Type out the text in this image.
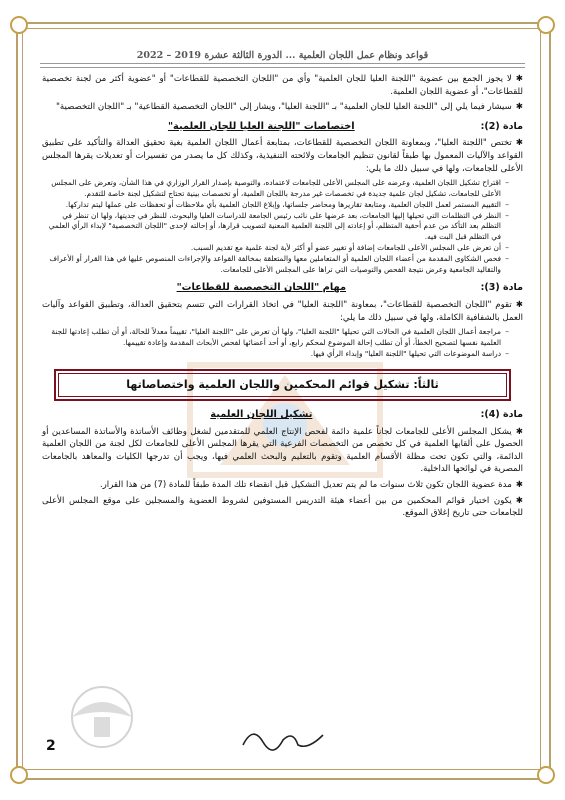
قواعد ونظام عمل اللجان العلمية ... الدورة الثالثة عشرة 2019 – 2022

✱لا يجوز الجمع بين عضوية "اللجنة العليا للجان العلمية" وأي من "اللجان التخصصية للقطاعات" أو "عضوية أكثر من لجنة تخصصية للقطاعات"، أو عضوية اللجان العلمية.

✱سيشار فيما يلي إلى "اللجنة العليا للجان العلمية" بـ "اللجنة العليا"، ويشار إلى "اللجان التخصصية القطاعية" بـ "اللجان التخصصية"

مادة (2):
اختصاصات "اللجنة العليا للجان العلمية"

✱تختص "اللجنة العليا"، وبمعاونة اللجان التخصصية للقطاعات، بمتابعة أعمال اللجان العلمية بغية تحقيق العدالة والتأكيد على تطبيق القواعد والآليات المعمول بها طبقاً لقانون تنظيم الجامعات ولائحته التنفيذية، وكذلك كل ما يصدر من تفسيرات أو تعديلات يقرها المجلس الأعلى للجامعات، ولها في سبيل ذلك ما يلي:

– اقتراح تشكيل اللجان العلمية، وعرضه على المجلس الأعلى للجامعات لاعتماده، والتوصية بإصدار القرار الوزاري في هذا الشأن، وتعرض على المجلس الأعلى للجامعات، تشكيل لجان علمية جديدة في تخصصات غير مدرجة باللجان العلمية، أو تخصصات بينية تحتاج لتشكيل لجنة خاصة للتقدم.
– التقييم المستمر لعمل اللجان العلمية، ومتابعة تقاريرها ومحاضر جلساتها، وإبلاغ اللجان العلمية بأي ملاحظات أو تحفظات على عملها ليتم تداركها.
– النظر في التظلمات التي تحيلها إليها الجامعات، بعد عرضها على نائب رئيس الجامعة للدراسات العليا والبحوث، للنظر في جديتها، ولها ان تنظر في التظلم بعد التأكد من عدم أحقية المتظلم، أو إعادته إلى اللجنة العلمية المعنية لتصويب قرارها، أو إحالته لإحدى "اللجان التخصصية" لإبداء الرأي العلمي في التظلم قبل البت فيه.
– أن تعرض على المجلس الأعلى للجامعات إضافة أو تغيير عضو أو أكثر لأية لجنة علمية مع تقديم السبب.
– فحص الشكاوى المقدمة من أعضاء اللجان العلمية أو المتعاملين معها والمتعلقة بمخالفة القواعد والإجراءات المنصوص عليها في هذا القرار أو الأعراف والتقاليد الجامعية وعرض نتيجة الفحص والتوصيات التي تراها على المجلس الأعلى للجامعات.
مادة (3):
مهام "اللجان التخصصية للقطاعات"

✱تقوم "اللجان التخصصية للقطاعات"، بمعاونة "اللجنة العليا" في اتخاذ القرارات التي تتسم بتحقيق العدالة، وتطبيق القواعد وآليات العمل بالشفافية الكاملة، ولها في سبيل ذلك ما يلي:

– مراجعة أعمال اللجان العلمية في الحالات التي تحيلها "اللجنة العليا"، ولها أن تعرض على "اللجنة العليا"، تقييماً معدلاً للحالة، أو أن تطلب إعادتها للجنة العلمية نفسها لتصحيح الخطأ، أو أن تطلب إحالة الموضوع لمحكم رابع، أو أحد أعضائها لفحص الأبحاث المقدمة وإعادة تقييمها.
– دراسة الموضوعات التي تحيلها "اللجنة العليا" وإبداء الرأي فيها.
ثالثاً: تشكيل قوائم المحكمين واللجان العلمية واختصاصاتها
مادة (4):
تشكيل اللجان العلمية

✱يشكل المجلس الأعلى للجامعات لجاناً علمية دائمة لفحص الإنتاج العلمي للمتقدمين لشغل وظائف الأساتذة والأساتذة المساعدين أو الحصول على ألقابها العلمية في كل تخصص من التخصصات الفرعية التي يقرها المجلس الأعلى للجامعات لكل لجنة من اللجان العلمية الدائمة، والتي تكون تحت مظلة الأقسام العلمية وتقوم بالتعليم والبحث العلمي فيها، ويجب أن تدرجها الكليات والمعاهد بالجامعات المصرية في لوائحها الداخلية.

✱مدة عضوية اللجان تكون ثلاث سنوات ما لم يتم تعديل التشكيل قبل انقضاء تلك المدة طبقاً للمادة (7) من هذا القرار.

✱يكون اختيار قوائم المحكمين من بين أعضاء هيئة التدريس المستوفين لشروط العضوية والمسجلين على موقع المجلس الأعلى للجامعات حتى تاريخ إغلاق الموقع.

2
